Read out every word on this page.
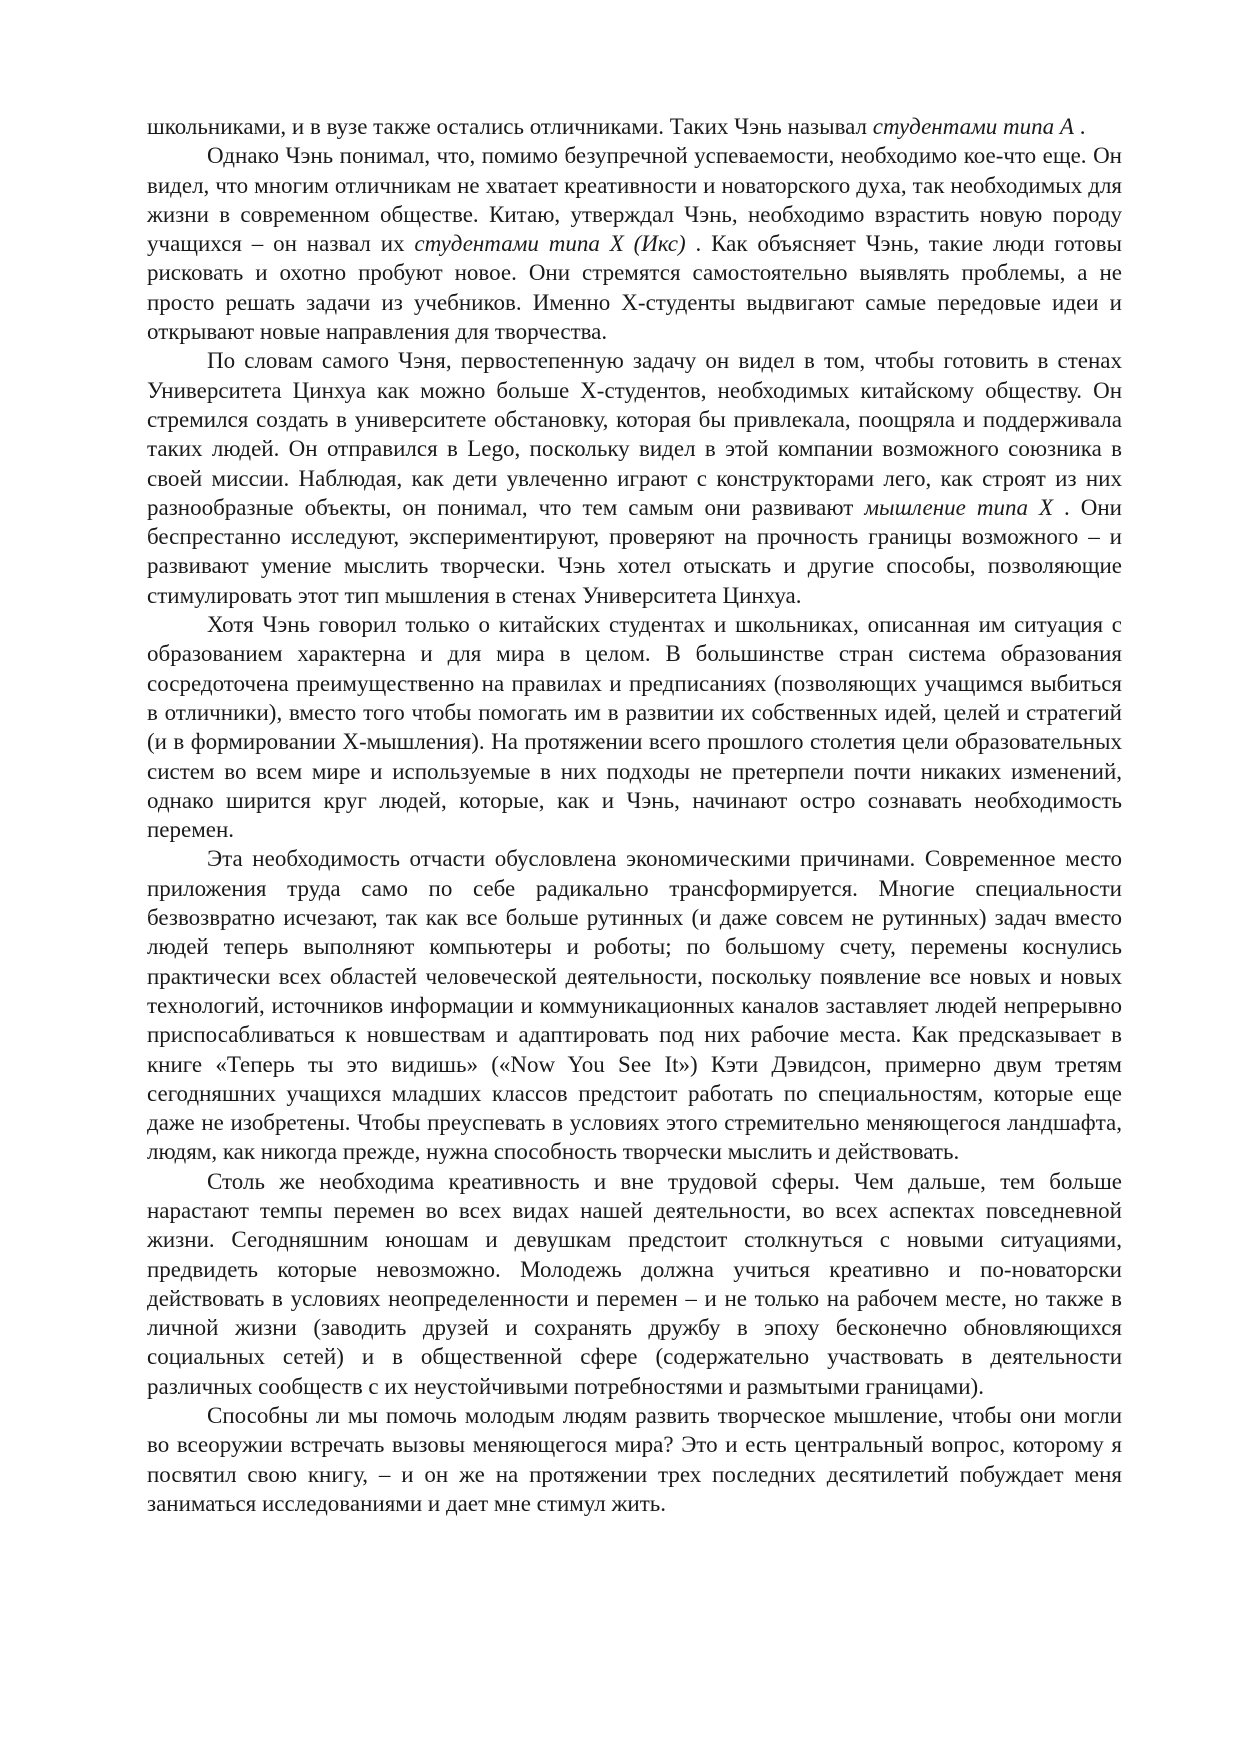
школьниками, и в вузе также остались отличниками. Таких Чэнь называл студентами типа А .

Однако Чэнь понимал, что, помимо безупречной успеваемости, необходимо кое-что еще. Он видел, что многим отличникам не хватает креативности и новаторского духа, так необходимых для жизни в современном обществе. Китаю, утверждал Чэнь, необходимо взрастить новую породу учащихся – он назвал их студентами типа X (Икс) . Как объясняет Чэнь, такие люди готовы рисковать и охотно пробуют новое. Они стремятся самостоятельно выявлять проблемы, а не просто решать задачи из учебников. Именно X-студенты выдвигают самые передовые идеи и открывают новые направления для творчества.

По словам самого Чэня, первостепенную задачу он видел в том, чтобы готовить в стенах Университета Цинхуа как можно больше X-студентов, необходимых китайскому обществу. Он стремился создать в университете обстановку, которая бы привлекала, поощряла и поддерживала таких людей. Он отправился в Lego, поскольку видел в этой компании возможного союзника в своей миссии. Наблюдая, как дети увлеченно играют с конструкторами лего, как строят из них разнообразные объекты, он понимал, что тем самым они развивают мышление типа X . Они беспрестанно исследуют, экспериментируют, проверяют на прочность границы возможного – и развивают умение мыслить творчески. Чэнь хотел отыскать и другие способы, позволяющие стимулировать этот тип мышления в стенах Университета Цинхуа.

Хотя Чэнь говорил только о китайских студентах и школьниках, описанная им ситуация с образованием характерна и для мира в целом. В большинстве стран система образования сосредоточена преимущественно на правилах и предписаниях (позволяющих учащимся выбиться в отличники), вместо того чтобы помогать им в развитии их собственных идей, целей и стратегий (и в формировании X-мышления). На протяжении всего прошлого столетия цели образовательных систем во всем мире и используемые в них подходы не претерпели почти никаких изменений, однако ширится круг людей, которые, как и Чэнь, начинают остро сознавать необходимость перемен.

Эта необходимость отчасти обусловлена экономическими причинами. Современное место приложения труда само по себе радикально трансформируется. Многие специальности безвозвратно исчезают, так как все больше рутинных (и даже совсем не рутинных) задач вместо людей теперь выполняют компьютеры и роботы; по большому счету, перемены коснулись практически всех областей человеческой деятельности, поскольку появление все новых и новых технологий, источников информации и коммуникационных каналов заставляет людей непрерывно приспосабливаться к новшествам и адаптировать под них рабочие места. Как предсказывает в книге «Теперь ты это видишь» («Now You See It») Кэти Дэвидсон, примерно двум третям сегодняшних учащихся младших классов предстоит работать по специальностям, которые еще даже не изобретены. Чтобы преуспевать в условиях этого стремительно меняющегося ландшафта, людям, как никогда прежде, нужна способность творчески мыслить и действовать.

Столь же необходима креативность и вне трудовой сферы. Чем дальше, тем больше нарастают темпы перемен во всех видах нашей деятельности, во всех аспектах повседневной жизни. Сегодняшним юношам и девушкам предстоит столкнуться с новыми ситуациями, предвидеть которые невозможно. Молодежь должна учиться креативно и по-новаторски действовать в условиях неопределенности и перемен – и не только на рабочем месте, но также в личной жизни (заводить друзей и сохранять дружбу в эпоху бесконечно обновляющихся социальных сетей) и в общественной сфере (содержательно участвовать в деятельности различных сообществ с их неустойчивыми потребностями и размытыми границами).

Способны ли мы помочь молодым людям развить творческое мышление, чтобы они могли во всеоружии встречать вызовы меняющегося мира? Это и есть центральный вопрос, которому я посвятил свою книгу, – и он же на протяжении трех последних десятилетий побуждает меня заниматься исследованиями и дает мне стимул жить.
